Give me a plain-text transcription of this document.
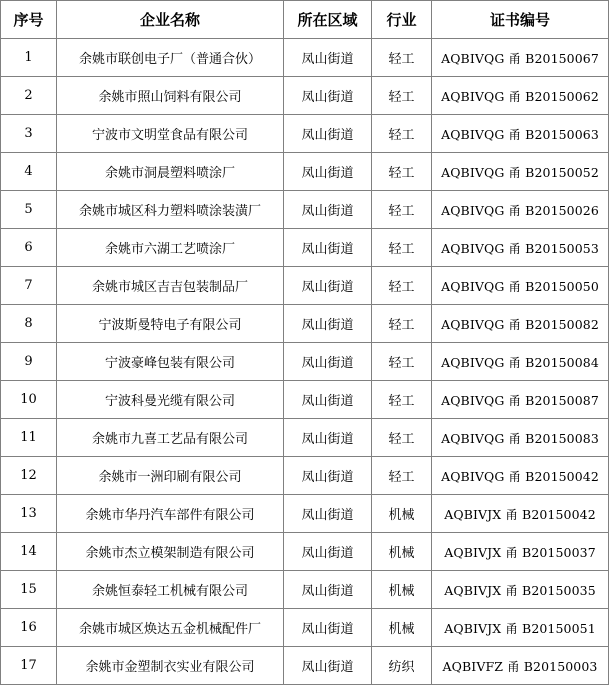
序号	企业名称	所在区域	行业	证书编号
1	余姚市联创电子厂（普通合伙）	凤山街道	轻工	AQBIVQG 甬 B20150067
2	余姚市照山饲料有限公司	凤山街道	轻工	AQBIVQG 甬 B20150062
3	宁波市文明堂食品有限公司	凤山街道	轻工	AQBIVQG 甬 B20150063
4	余姚市洞晨塑料喷涂厂	凤山街道	轻工	AQBIVQG 甬 B20150052
5	余姚市城区科力塑料喷涂装潢厂	凤山街道	轻工	AQBIVQG 甬 B20150026
6	余姚市六湖工艺喷涂厂	凤山街道	轻工	AQBIVQG 甬 B20150053
7	余姚市城区吉吉包装制品厂	凤山街道	轻工	AQBIVQG 甬 B20150050
8	宁波斯曼特电子有限公司	凤山街道	轻工	AQBIVQG 甬 B20150082
9	宁波豪峰包装有限公司	凤山街道	轻工	AQBIVQG 甬 B20150084
10	宁波科曼光缆有限公司	凤山街道	轻工	AQBIVQG 甬 B20150087
11	余姚市九喜工艺品有限公司	凤山街道	轻工	AQBIVQG 甬 B20150083
12	余姚市一洲印刷有限公司	凤山街道	轻工	AQBIVQG 甬 B20150042
13	余姚市华丹汽车部件有限公司	凤山街道	机械	AQBIVJX 甬 B20150042
14	余姚市杰立模架制造有限公司	凤山街道	机械	AQBIVJX 甬 B20150037
15	余姚恒泰轻工机械有限公司	凤山街道	机械	AQBIVJX 甬 B20150035
16	余姚市城区焕达五金机械配件厂	凤山街道	机械	AQBIVJX 甬 B20150051
17	余姚市金塑制衣实业有限公司	凤山街道	纺织	AQBIVFZ 甬 B20150003
